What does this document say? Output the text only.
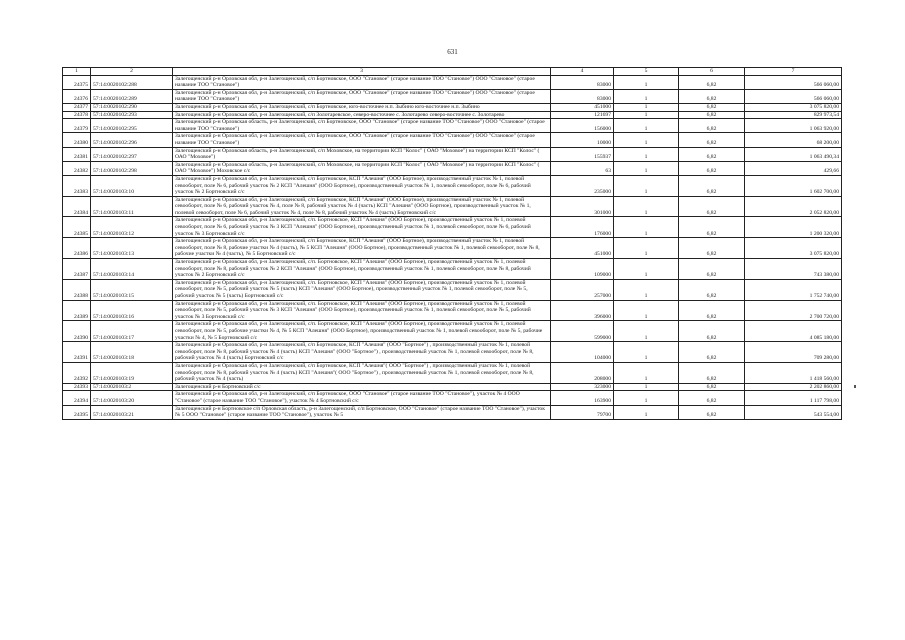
631
1	2	3	4	5	6	7
24375	57:14:0020102:288	Залегощенский р-н Орловская обл, р-н Залегощенский, с/п Бортновское, ООО "Становое" (старое название ТОО "Становое") ООО "Становое" (старое название ТОО "Становое")	83000	1	6,82	566 060,00
24376	57:14:0020102:289	Залегощенский р-н Орловская обл, р-н Залегощенский, с/п Бортновское, ООО "Становое" (старое название ТОО "Становое") ООО "Становое" (старое название ТОО "Становое")	83000	1	6,82	566 060,00
24377	57:14:0020102:290	Залегощенский р-н Орловская обл, р-н Залегощенский, с/п Бортновское, юго-восточнее н.п. Зыбино юго-восточнее н.п. Зыбино	451000	1	6,82	3 075 820,00
24378	57:14:0020102:293	Залегощенский р-н Орловская обл, р-н Залегощенский, с/п Золотаревское, северо-восточнее с. Золотарево северо-восточнее с. Золотарево	121697	1	6,82	829 973,54
24379	57:14:0020102:295	Залегощенский р-н Орловская область, р-н Залегощенский, с/п Бортновское, ООО "Становое" (старое название ТОО "Становое") ООО "Становое" (старое название ТОО "Становое")	156000	1	6,82	1 063 920,00
24380	57:14:0020102:296	Залегощенский р-н Орловская обл, р-н Залегощенский, с/п Бортновское, ООО "Становое" (старое название ТОО "Становое") ООО "Становое" (старое название ТОО "Становое")	10000	1	6,82	68 200,00
24381	57:14:0020102:297	Залегощенский р-н Орловская область, р-н Залегощенский, с/п Моховское, на территории КСП "Колос" ( ОАО "Моховое") на территории КСП "Колос" ( ОАО "Моховое")	155937	1	6,82	1 063 490,34
24382	57:14:0020102:298	Залегощенский р-н Орловская область, р-н Залегощенский, с/п Моховское, на территории КСП "Колос" ( ОАО "Моховое") на территории КСП "Колос" ( ОАО "Моховое") Моховское с/с	63	1	6,82	429,66
24383	57:14:0020103:10	Залегощенский р-н Орловская обл, р-н Залегощенский, с/п Бортновское, КСП "Алешня" (ООО Бортное), производственный участок № 1, полевой севооборот, поле № 6, рабочий участок № 2 КСП "Алешня" (ООО Бортное), производственный участок № 1, полевой севооборот, поле № 6, рабочий участок № 2 Бортновский с/с	235000	1	6,82	1 602 700,00
24384	57:14:0020103:11	Залегощенский р-н Орловская обл, р-н Залегощенский, с/п Бортновское, КСП "Алешня" (ООО Бортное), производственный участок № 1, полевой севооборот, поле № 6, рабочий участок № 4, поле № 8, рабочий участок № 4 (часть) КСП "Алешня" (ООО Бортное), производственный участок № 1, полевой севооборот, поле № 6, рабочий участок № 4, поле № 8, рабочий участок № 4 (часть) Бортновский с/с	301000	1	6,82	2 052 820,00
24385	57:14:0020103:12	Залегощенский р-н Орловская обл, р-н Залегощенский, с/п. Бортновское, КСП "Алешня" (ООО Бортное), производственный участок № 1, полевой севооборот, поле № 6, рабочий участок № 3 КСП "Алешня" (ООО Бортное), производственный участок № 1, полевой севооборот, поле № 6, рабочий участок № 3 Бортновский с/с	176000	1	6,82	1 200 320,00
24386	57:14:0020103:13	Залегощенский р-н Орловская обл, р-н Залегощенский, с/п Бортновское, КСП "Алешня" (ООО Бортное), производственный участок № 1, полевой севооборот, поле № 8, рабочие участки № 4 (часть), № 5 КСП "Алешня" (ООО Бортное), производственный участок № 1, полевой севооборот, поле № 8, рабочие участки № 4 (часть), № 5 Бортновский с/с	451000	1	6,82	3 075 820,00
24387	57:14:0020103:14	Залегощенский р-н Орловская обл, р-н Залегощенский, с/п. Бортновское, КСП "Алешня" (ООО Бортное), производственный участок № 1, полевой севооборот, поле № 8, рабочий участок № 2 КСП "Алешня" (ООО Бортное), производственный участок № 1, полевой севооборот, поле № 8, рабочий участок № 2 Бортновский с/с	109000	1	6,82	743 380,00
24388	57:14:0020103:15	Залегощенский р-н Орловская обл, р-н Залегощенский, с/п. Бортновское, КСП "Алешня" (ООО Бортное), производственный участок № 1, полевой севооборот, поле № 5, рабочий участок № 5 (часть) КСП "Алешня" (ООО Бортное), производственный участок № 1, полевой севооборот, поле № 5, рабочий участок № 5 (часть) Бортновский с/с	257000	1	6,82	1 752 740,00
24389	57:14:0020103:16	Залегощенский р-н Орловская обл, р-н Залегощенский, с/п. Бортновское, КСП "Алешня" (ООО Бортное), производственный участок № 1, полевой севооборот, поле № 5, рабочий участок № 3 КСП "Алешня" (ООО Бортное), производственный участок № 1, полевой севооборот, поле № 5, рабочий участок № 3 Бортновский с/с	396000	1	6,82	2 700 720,00
24390	57:14:0020103:17	Залегощенский р-н Орловская обл, р-н Залегощенский, с/п. Бортновское, КСП "Алешня" (ООО Бортное), производственный участок № 1, полевой севооборот, поле № 5, рабочие участки № 4, № 5 КСП "Алешня" (ООО Бортное), производственный участок № 1, полевой севооборот, поле № 5, рабочие участки № 4, № 5 Бортновский с/с	599000	1	6,82	4 085 180,00
24391	57:14:0020103:18	Залегощенский р-н Орловская обл, р-н Залегощенский, с/п Бортновское, КСП "Алешня" (ООО "Бортное") , производственный участок № 1, полевой севооборот, поле № 8, рабочий участок № 4 (часть) КСП "Алешня" (ООО "Бортное") , производственный участок № 1, полевой севооборот, поле № 8, рабочий участок № 4 (часть) Бортновский с/с	104000	1	6,82	709 280,00
24392	57:14:0020103:19	Залегощенский р-н Орловская обл, р-н Залегощенский, с/п Бортновское, КСП "Алешня"( ООО "Бортное") , производственный участок № 1, полевой севооборот, поле № 8, рабочий участок № 4 (часть) КСП "Алешня"( ООО "Бортное") , производственный участок № 1, полевой севооборот, поле № 8, рабочий участок № 4 (часть)	208000	1	6,82	1 418 560,00
24393	57:14:0020103:2	Залегощенский р-н Бортновский с/с	323000	1	6,82	2 202 860,00
24394	57:14:0020103:20	Залегощенский р-н Орловская обл, р-н Залегощенский, с/п Бортновское, ООО "Становое" (старое название ТОО "Становое"), участок № 4 ООО "Становое" (старое название ТОО "Становое"), участок № 4 Бортновский с/с	163900	1	6,82	1 117 798,00
24395	57:14:0020103:21	Залегощенский р-н Бортновское с/п Орловская область, р-н Залегощенский, с/п Бортновское, ООО "Становое" (старое название ТОО "Становое"), участок № 5 ООО "Становое" (старое название ТОО "Становое"), участок № 5	79700	1	6,82	543 554,00
